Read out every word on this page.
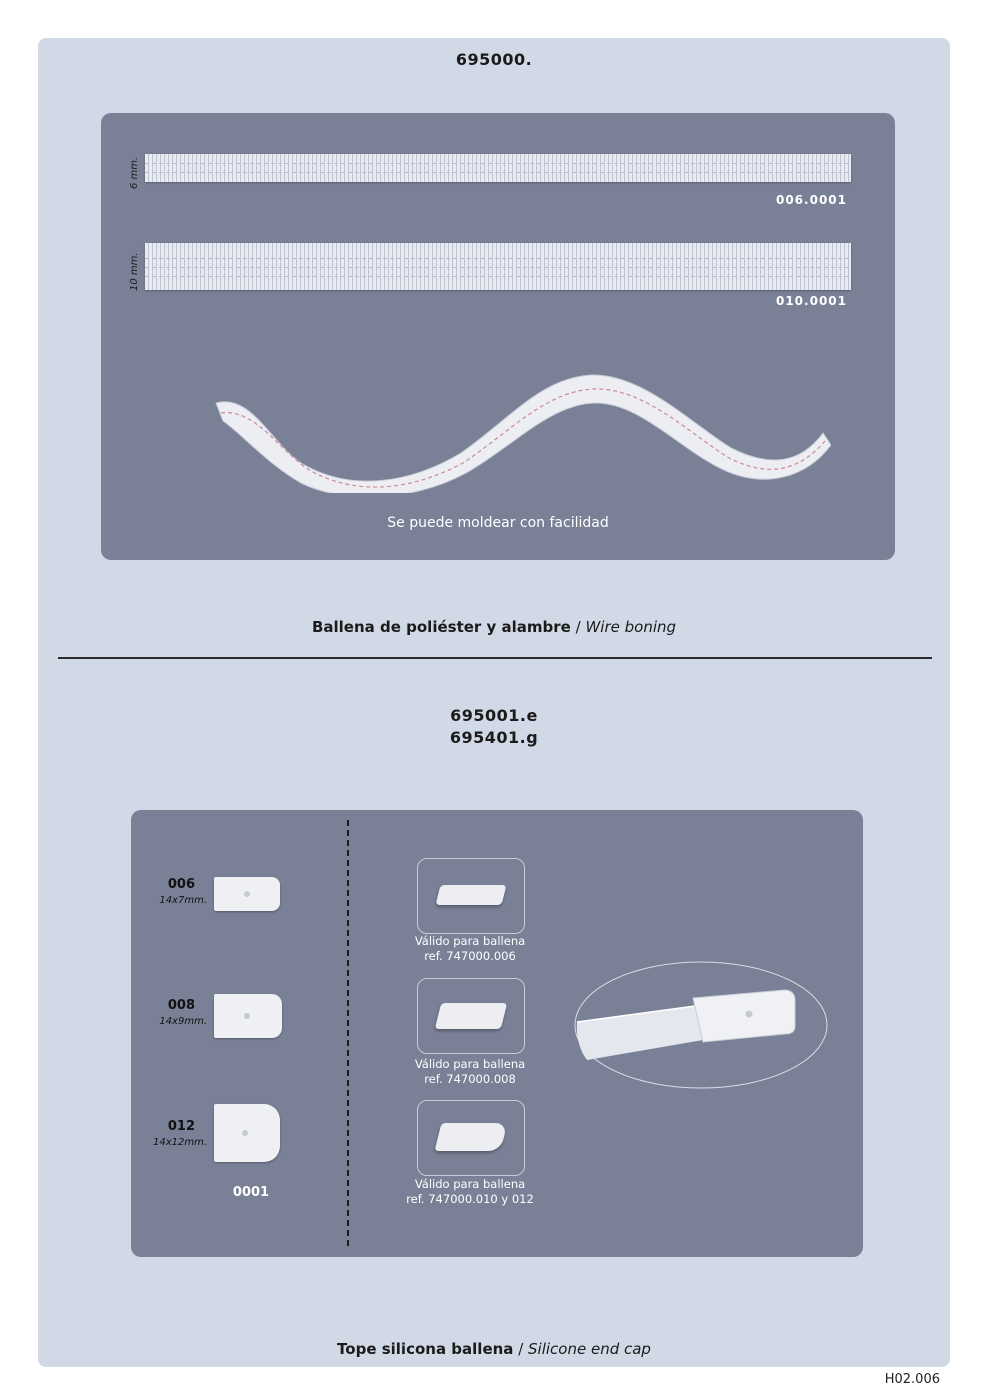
695000.
6 mm.
006.0001
10 mm.
010.0001
Se puede moldear con facilidad
Ballena de poliéster y alambre / Wire boning
695001.e
695401.g
006
14x7mm.
008
14x9mm.
012
14x12mm.
0001
Válido para ballena
ref. 747000.006
Válido para ballena
ref. 747000.008
Válido para ballena
ref. 747000.010 y 012
Tope silicona ballena / Silicone end cap
H02.006
